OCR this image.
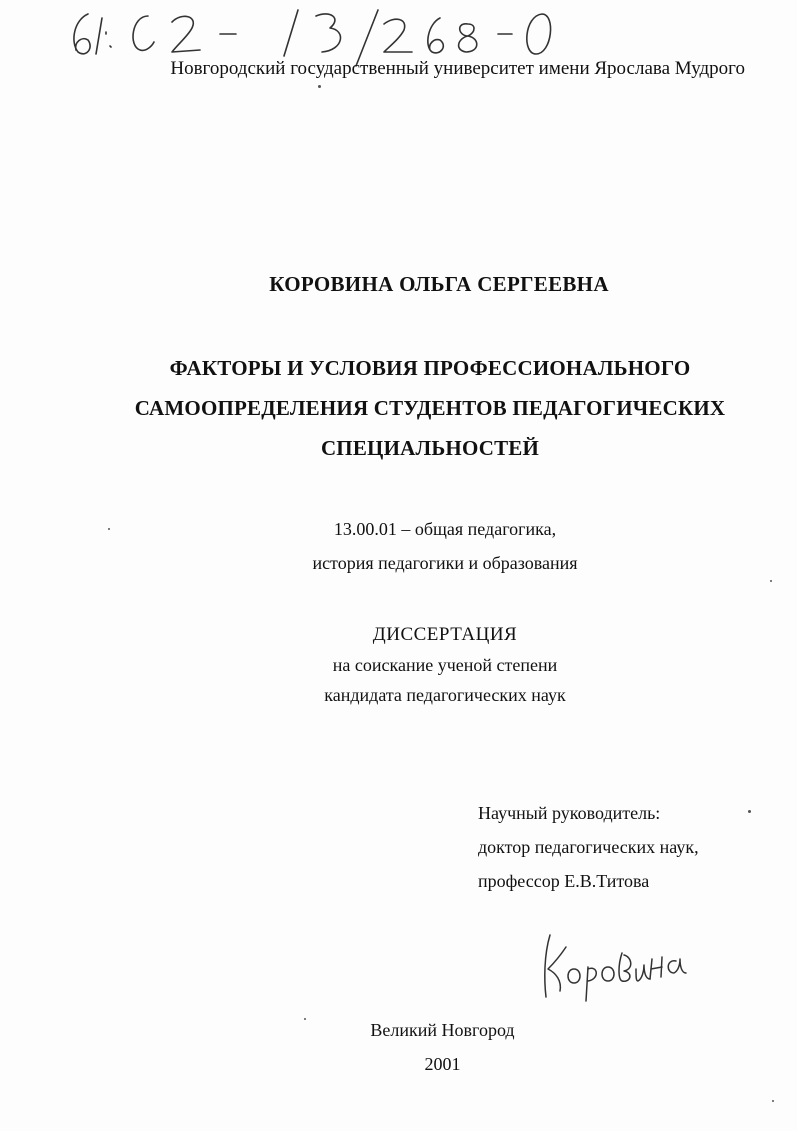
Новгородский государственный университет имени Ярослава Мудрого
КОРОВИНА ОЛЬГА СЕРГЕЕВНА
ФАКТОРЫ И УСЛОВИЯ ПРОФЕССИОНАЛЬНОГО
САМООПРЕДЕЛЕНИЯ СТУДЕНТОВ ПЕДАГОГИЧЕСКИХ
СПЕЦИАЛЬНОСТЕЙ
13.00.01 – общая педагогика,
история педагогики и образования
ДИССЕРТАЦИЯ
на соискание ученой степени
кандидата педагогических наук
Научный руководитель:
доктор педагогических наук,
профессор Е.В.Титова
Великий Новгород
2001
